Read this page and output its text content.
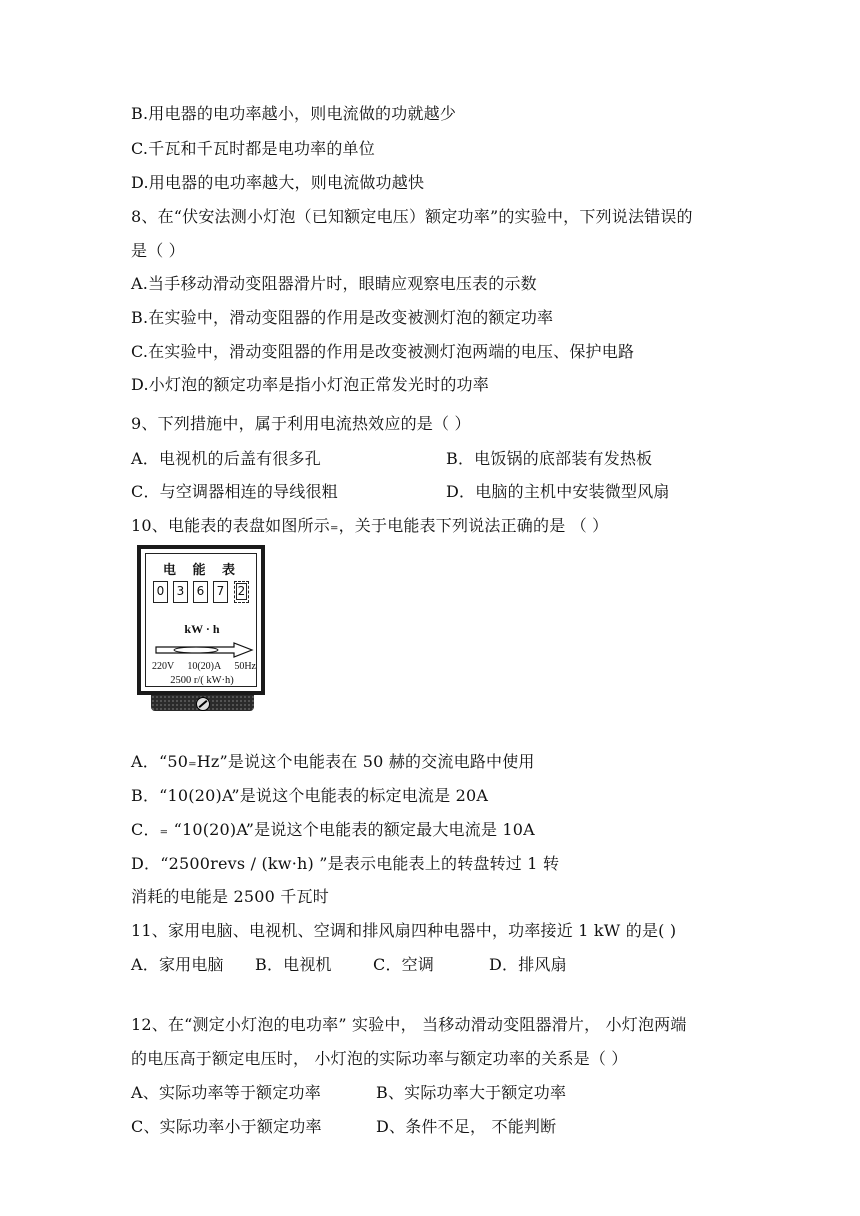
B.用电器的电功率越小，则电流做的功就越少
C.千瓦和千瓦时都是电功率的单位
D.用电器的电功率越大，则电流做功越快
8、在“伏安法测小灯泡（已知额定电压）额定功率”的实验中，下列说法错误的
是（ ）
A.当手移动滑动变阻器滑片时，眼睛应观察电压表的示数
B.在实验中，滑动变阻器的作用是改变被测灯泡的额定功率
C.在实验中，滑动变阻器的作用是改变被测灯泡两端的电压、保护电路
D.小灯泡的额定功率是指小灯泡正常发光时的功率
9、下列措施中，属于利用电流热效应的是（ ）
A．电视机的后盖有很多孔	B．电饭锅的底部装有发热板
C．与空调器相连的导线很粗	D．电脑的主机中安装微型风扇
10、电能表的表盘如图所示₌，关于电能表下列说法正确的是 （ ）
电 能 表
0	3	6	7	2
kW · h
220V 10(20)A 50Hz
2500 r/( kW·h)
A．“50₌Hz”是说这个电能表在 50 赫的交流电路中使用
B．“10(20)A”是说这个电能表的标定电流是 20A
C．₌ “10(20)A”是说这个电能表的额定最大电流是 10A
D．“2500revs / (kw·h) ”是表示电能表上的转盘转过 1 转
消耗的电能是 2500 千瓦时
11、家用电脑、电视机、空调和排风扇四种电器中，功率接近 1 kW 的是( )
A．家用电脑 B．电视机	C．空调	D．排风扇
12、在“测定小灯泡的电功率” 实验中， 当移动滑动变阻器滑片， 小灯泡两端
的电压高于额定电压时， 小灯泡的实际功率与额定功率的关系是（ ）
A、实际功率等于额定功率	B、实际功率大于额定功率
C、实际功率小于额定功率	D、条件不足， 不能判断
